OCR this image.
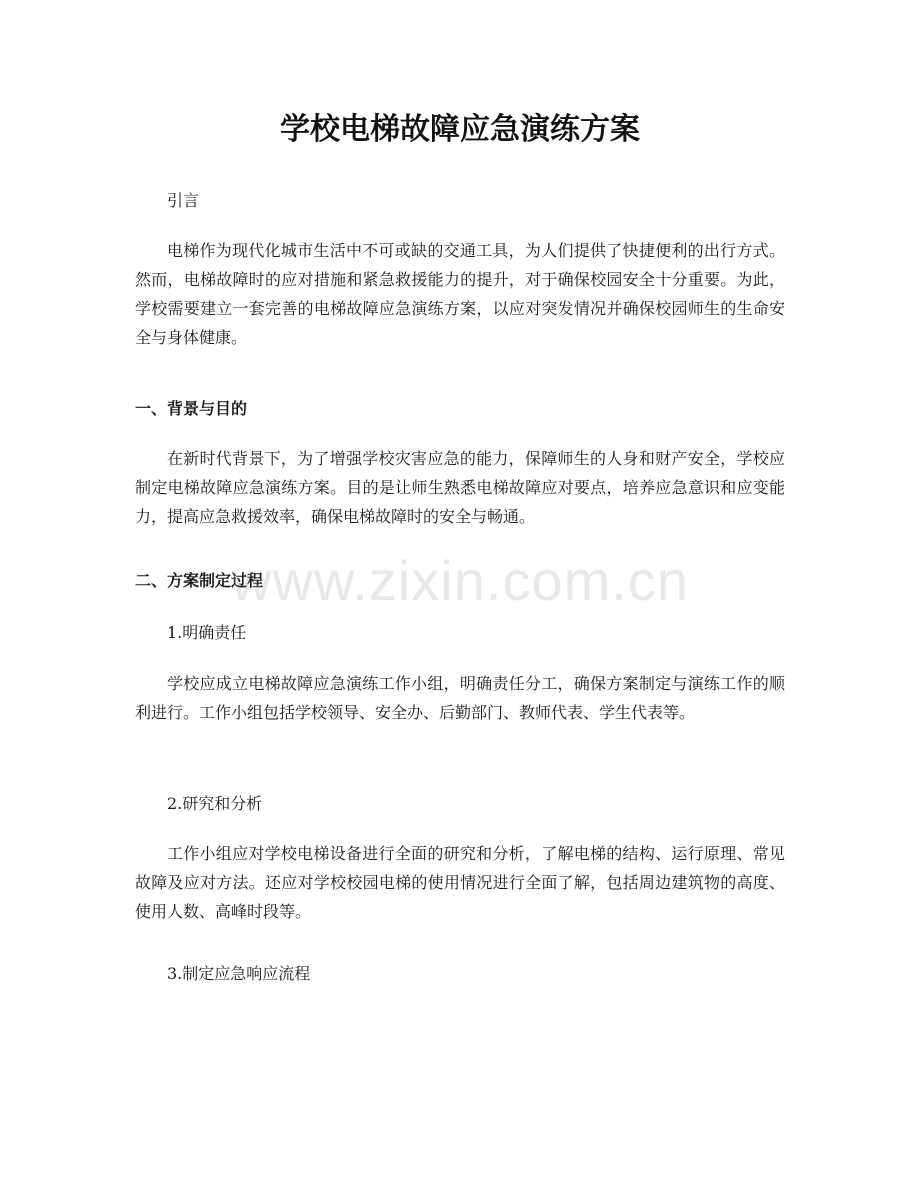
学校电梯故障应急演练方案

引言

电梯作为现代化城市生活中不可或缺的交通工具，为人们提供了快捷便利的出行方式。然而，电梯故障时的应对措施和紧急救援能力的提升，对于确保校园安全十分重要。为此，学校需要建立一套完善的电梯故障应急演练方案，以应对突发情况并确保校园师生的生命安全与身体健康。

一、背景与目的

在新时代背景下，为了增强学校灾害应急的能力，保障师生的人身和财产安全，学校应制定电梯故障应急演练方案。目的是让师生熟悉电梯故障应对要点，培养应急意识和应变能力，提高应急救援效率，确保电梯故障时的安全与畅通。

二、方案制定过程

1.明确责任

学校应成立电梯故障应急演练工作小组，明确责任分工，确保方案制定与演练工作的顺利进行。工作小组包括学校领导、安全办、后勤部门、教师代表、学生代表等。

2.研究和分析

工作小组应对学校电梯设备进行全面的研究和分析，了解电梯的结构、运行原理、常见故障及应对方法。还应对学校校园电梯的使用情况进行全面了解，包括周边建筑物的高度、使用人数、高峰时段等。

3.制定应急响应流程

www.zixin.com.cn
